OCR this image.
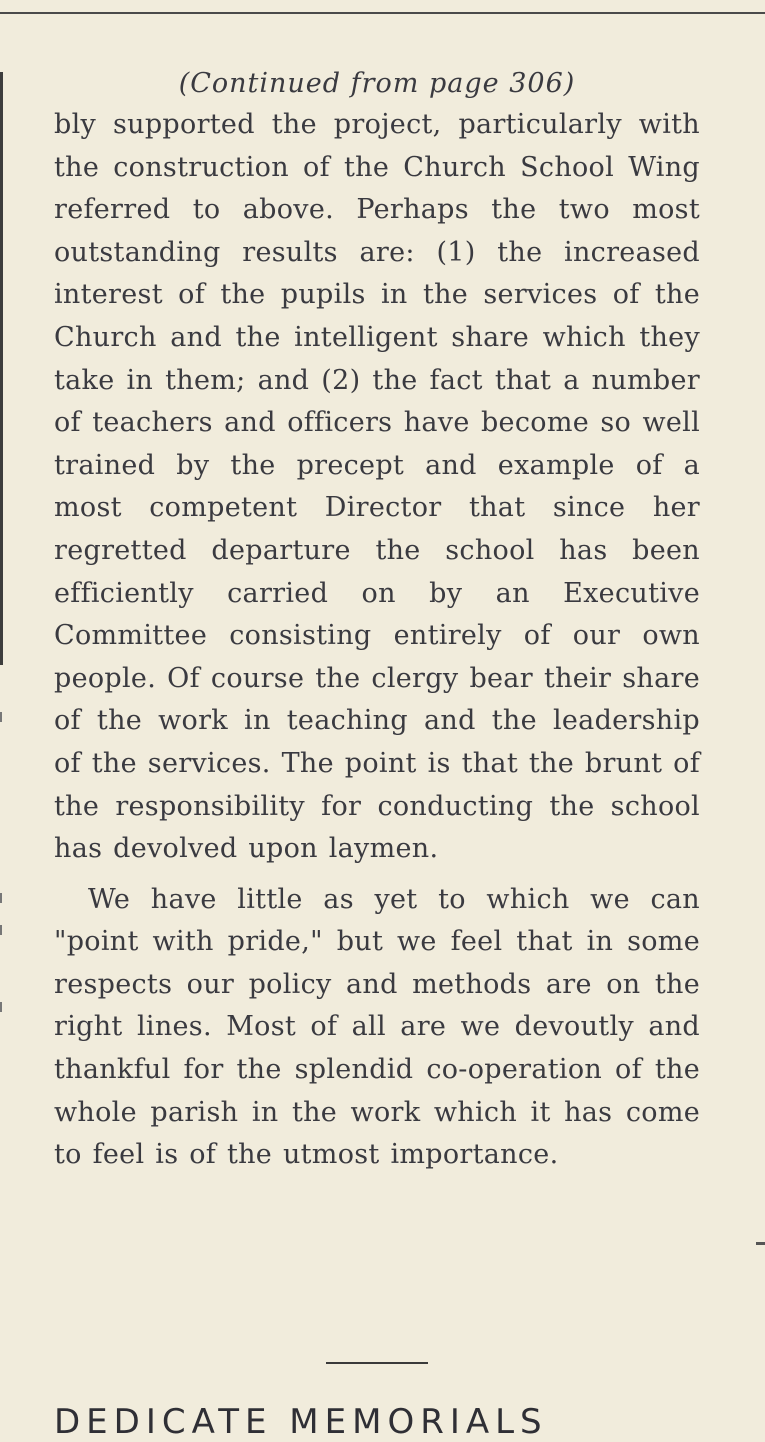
(Continued from page 306)

bly supported the project, particularly with the construction of the Church School Wing referred to above. Perhaps the two most outstanding results are: (1) the increased interest of the pupils in the services of the Church and the intelligent share which they take in them; and (2) the fact that a number of teachers and officers have become so well trained by the precept and example of a most competent Director that since her regretted departure the school has been efficiently carried on by an Executive Committee consisting entirely of our own people. Of course the clergy bear their share of the work in teaching and the leadership of the services. The point is that the brunt of the responsibility for conducting the school has devolved upon laymen.

We have little as yet to which we can "point with pride," but we feel that in some respects our policy and methods are on the right lines. Most of all are we devoutly and thankful for the splendid co-operation of the whole parish in the work which it has come to feel is of the utmost importance.

DEDICATE MEMORIALS
